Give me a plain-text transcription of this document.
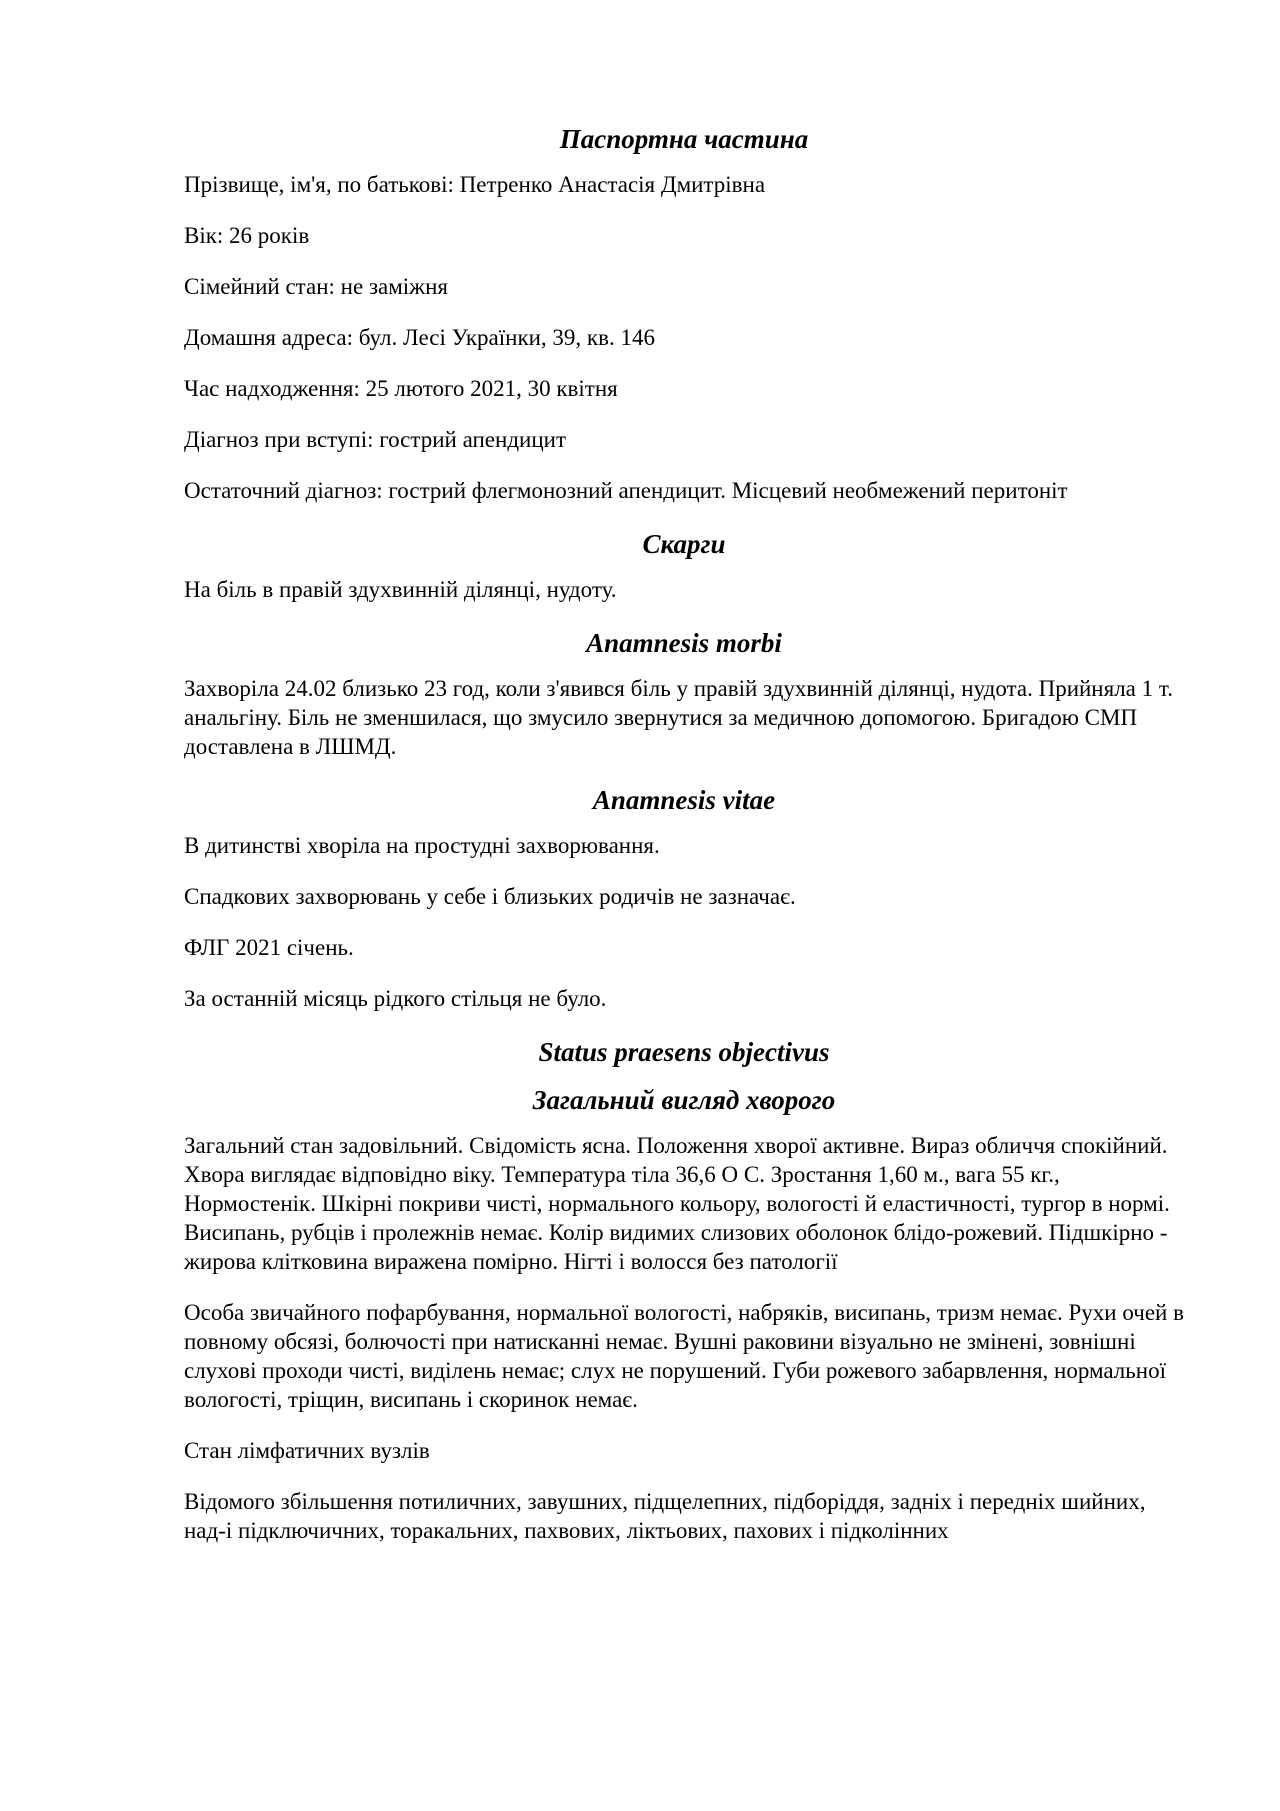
Паспортна частина

Прізвище, ім'я, по батькові: Петренко Анастасія Дмитрівна

Вік: 26 років

Сімейний стан: не заміжня

Домашня адреса: бул. Лесі Українки, 39, кв. 146

Час надходження: 25 лютого 2021, 30 квітня

Діагноз при вступі: гострий апендицит

Остаточний діагноз: гострий флегмонозний апендицит. Місцевий необмежений перитоніт

Скарги

На біль в правій здухвинній ділянці, нудоту.

Anamnesis morbi

Захворіла 24.02 близько 23 год, коли з'явився біль у правій здухвинній ділянці, нудота. Прийняла 1 т. анальгіну. Біль не зменшилася, що змусило звернутися за медичною допомогою. Бригадою СМП доставлена в ЛШМД.

Anamnesis vitae

В дитинстві хворіла на простудні захворювання.

Спадкових захворювань у себе і близьких родичів не зазначає.

ФЛГ 2021 січень.

За останній місяць рідкого стільця не було.

Status praesens objectivus
Загальний вигляд хворого

Загальний стан задовільний. Свідомість ясна. Положення хворої активне. Вираз обличчя спокійний. Хвора виглядає відповідно віку. Температура тіла 36,6 О С. Зростання 1,60 м., вага 55 кг., Нормостенік. Шкірні покриви чисті, нормального кольору, вологості й еластичності, тургор в нормі. Висипань, рубців і пролежнів немає. Колір видимих слизових оболонок блідо-рожевий. Підшкірно - жирова клітковина виражена помірно. Нігті і волосся без патології

Особа звичайного пофарбування, нормальної вологості, набряків, висипань, тризм немає. Рухи очей в повному обсязі, болючості при натисканні немає. Вушні раковини візуально не змінені, зовнішні слухові проходи чисті, виділень немає; слух не порушений. Губи рожевого забарвлення, нормальної вологості, тріщин, висипань і скоринок немає.

Стан лімфатичних вузлів

Відомого збільшення потиличних, завушних, підщелепних, підборіддя, задніх і передніх шийних, над-і підключичних, торакальних, пахвових, ліктьових, пахових і підколінних
